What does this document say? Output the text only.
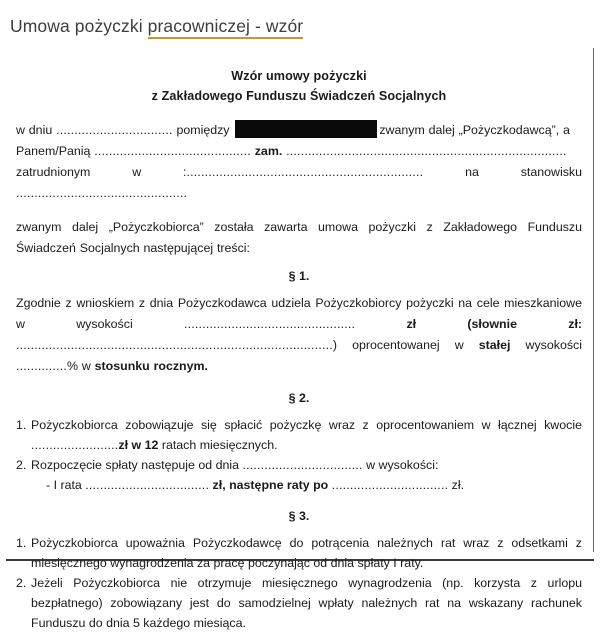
Umowa pożyczki pracowniczej - wzór
Wzór umowy pożyczki
z Zakładowego Funduszu Świadczeń Socjalnych

w dniu ................................ pomiędzy	zwanym dalej „Pożyczkodawcą”, a

Panem/Panią ........................................... zam. .............................................................................

zatrudnionym w :................................................................. na stanowisku ...............................................

zwanym dalej „Pożyczkobiorca” została zawarta umowa pożyczki z Zakładowego Funduszu Świadczeń Socjalnych następującej treści:

§ 1.

Zgodnie z wnioskiem z dnia Pożyczkodawca udziela Pożyczkobiorcy pożyczki na cele mieszkaniowe w wysokości ............................................... zł (słownie zł: .......................................................................................) oprocentowanej w stałej wysokości ..............% w stosunku rocznym.

§ 2.

1. Pożyczkobiorca zobowiązuje się spłacić pożyczkę wraz z oprocentowaniem w łącznej kwocie ........................zł w 12 ratach miesięcznych.

2. Rozpoczęcie spłaty następuje od dnia ................................. w wysokości:

- I rata .................................. zł, następne raty po ................................ zł.

§ 3.

1. Pożyczkobiorca upoważnia Pożyczkodawcę do potrącenia należnych rat wraz z odsetkami z miesięcznego wynagrodzenia za pracę poczynając od dnia spłaty I raty.

2. Jeżeli Pożyczkobiorca nie otrzymuje miesięcznego wynagrodzenia (np. korzysta z urlopu bezpłatnego) zobowiązany jest do samodzielnej wpłaty należnych rat na wskazany rachunek Funduszu do dnia 5 każdego miesiąca.
